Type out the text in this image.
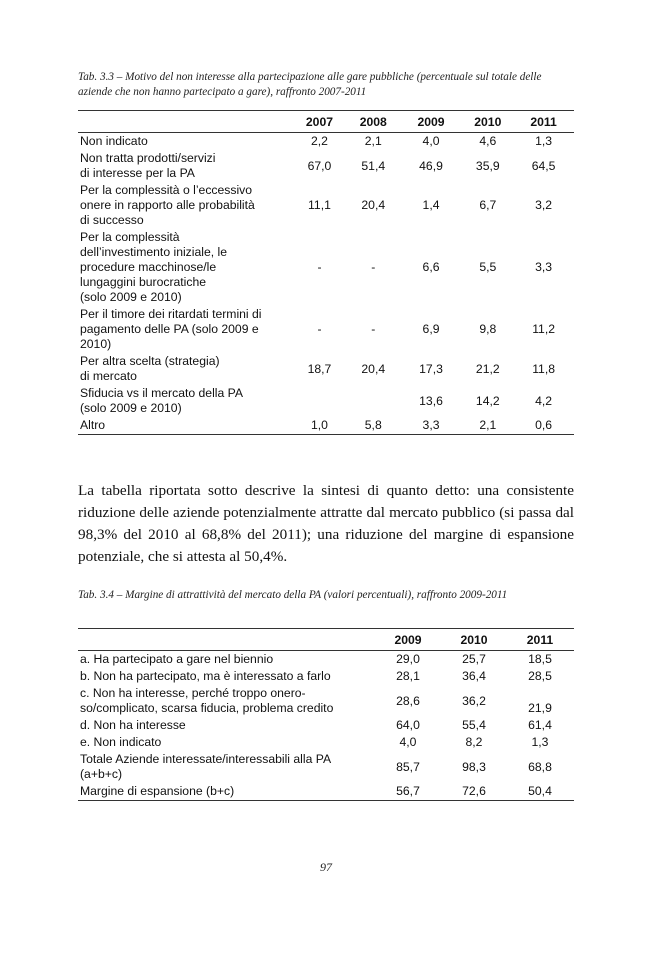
Tab. 3.3 – Motivo del non interesse alla partecipazione alle gare pubbliche (percentuale sul totale delle aziende che non hanno partecipato a gare), raffronto 2007-2011

	2007	2008	2009	2010	2011
Non indicato	2,2	2,1	4,0	4,6	1,3
Non tratta prodotti/servizi
di interesse per la PA	67,0	51,4	46,9	35,9	64,5
Per la complessità o l’eccessivo
onere in rapporto alle probabilità
di successo	11,1	20,4	1,4	6,7	3,2
Per la complessità
dell’investimento iniziale, le
procedure macchinose/le
lungaggini burocratiche
(solo 2009 e 2010)	-	-	6,6	5,5	3,3
Per il timore dei ritardati termini di
pagamento delle PA (solo 2009 e
2010)	-	-	6,9	9,8	11,2
Per altra scelta (strategia)
di mercato	18,7	20,4	17,3	21,2	11,8
Sfiducia vs il mercato della PA
(solo 2009 e 2010)			13,6	14,2	4,2
Altro	1,0	5,8	3,3	2,1	0,6

La tabella riportata sotto descrive la sintesi di quanto detto: una consistente riduzione delle aziende potenzialmente attratte dal mercato pubblico (si passa dal 98,3% del 2010 al 68,8% del 2011); una riduzione del margine di espansione potenziale, che si attesta al 50,4%.

Tab. 3.4 – Margine di attrattività del mercato della PA (valori percentuali), raffronto 2009-2011

	2009	2010	2011
a. Ha partecipato a gare nel biennio	29,0	25,7	18,5
b. Non ha partecipato, ma è interessato a farlo	28,1	36,4	28,5
c. Non ha interesse, perché troppo onero-
so/complicato, scarsa fiducia, problema credito	28,6	36,2	21,9
d. Non ha interesse	64,0	55,4	61,4
e. Non indicato	4,0	8,2	1,3
Totale Aziende interessate/interessabili alla PA
(a+b+c)	85,7	98,3	68,8
Margine di espansione (b+c)	56,7	72,6	50,4
97
